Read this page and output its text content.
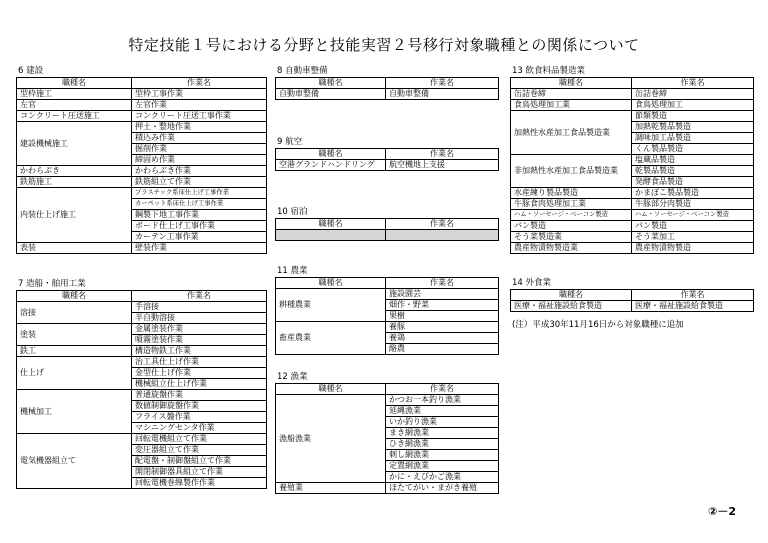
特定技能１号における分野と技能実習２号移行対象職種との関係について
6 建設
職種名	作業名
型枠施工	型枠工事作業
左官	左官作業
コンクリート圧送施工	コンクリート圧送工事作業
建設機械施工	押土・整地作業
	積込み作業
	掘削作業
	締固め作業
かわらぶき	かわらぶき作業
鉄筋施工	鉄筋組立て作業
内装仕上げ施工	プラスチック系床仕上げ工事作業
	カーペット系床仕上げ工事作業
	鋼製下地工事作業
	ボード仕上げ工事作業
	カーテン工事作業
表装	壁装作業
7 造船・舶用工業
職種名	作業名
溶接	手溶接
	半自動溶接
塗装	金属塗装作業
	噴霧塗装作業
鉄工	構造物鉄工作業
仕上げ	治工具仕上げ作業
	金型仕上げ作業
	機械組立仕上げ作業
機械加工	普通旋盤作業
	数値制御旋盤作業
	フライス盤作業
	マシニングセンタ作業
電気機器組立て	回転電機組立て作業
	変圧器組立て作業
	配電盤・制御盤組立て作業
	開閉制御器具組立て作業
	回転電機巻線製作作業
8 自動車整備
職種名	作業名
自動車整備	自動車整備
9 航空
職種名	作業名
空港グランドハンドリング	航空機地上支援
10 宿泊
職種名	作業名

11 農業
職種名	作業名
耕種農業	施設園芸
	畑作・野菜
	果樹
畜産農業	養豚
	養鶏
	酪農
12 漁業
職種名	作業名
漁船漁業	かつお一本釣り漁業
	延縄漁業
	いか釣り漁業
	まき網漁業
	ひき網漁業
	刺し網漁業
	定置網漁業
	かに・えびかご漁業
養殖業	ほたてがい・まがき養殖
13 飲食料品製造業
職種名	作業名
缶詰巻締	缶詰巻締
食鳥処理加工業	食鳥処理加工
加熱性水産加工食品製造業	節類製造
	加熱乾製品製造
	調味加工品製造
	くん製品製造
非加熱性水産加工食品製造業	塩蔵品製造
	乾製品製造
	発酵食品製造
水産練り製品製造	かまぼこ製品製造
牛豚食肉処理加工業	牛豚部分肉製造
ハム・ソーセージ・ベーコン製造	ハム・ソーセージ・ベーコン製造
パン製造	パン製造
そう菜製造業	そう菜加工
農産物漬物製造業	農産物漬物製造
14 外食業
職種名	作業名
医療・福祉施設給食製造	医療・福祉施設給食製造
(注）平成30年11月16日から対象職種に追加
②－2
